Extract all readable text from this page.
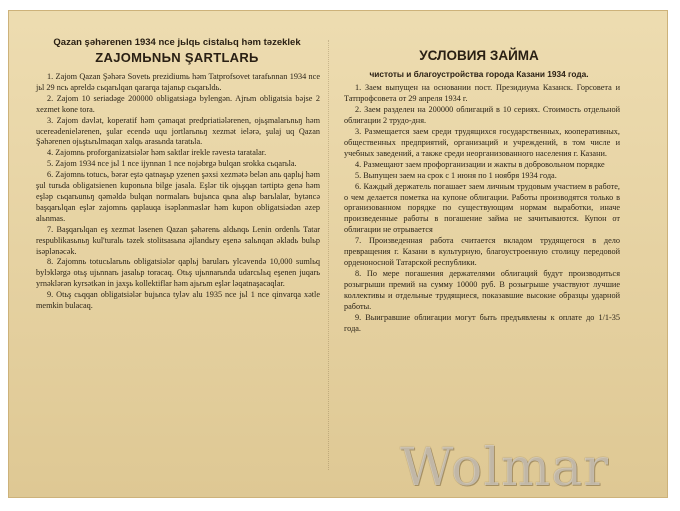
Qazan şəhərenen 1934 nce jьlqь cistalьq həm təzeklek
ZAJOMЬNЬN ŞARTLARЬ

1. Zajom Qazan Şəhərə Sovetь prezidiumь həm Tatprofsovet tarafьnnan 1934 nce jьl 29 ncь apreldə сьqarьlqan qararqa tajanьp сьqarьldь.

2. Zajom 10 seriadəge 200000 obligatsiəgə bylengən. Ajrьm obligatsia bəjse 2 xezmet kөne tora.

3. Zajom dəvlət, koperatif həm çəmaqat predpriatiələrenen, oјьşmalarьnьŋ həm ucereədenielərenen, şular ecendə uqu jortlarьnьŋ xezmət ielərə, şulaj uq Qazan Şəhərenen oјьştьrьlmaqan xalqь arasьnda taratьla.

4. Zajomnь proforganizatsiələr həm saktlar irekle rəvestə taratalar.

5. Zajom 1934 nce jьl 1 nce iјynnan 1 nce nojəbrgə bulqan srokka сьqarьla.

6. Zajomnь totucь, bərər eştə qatnaşьp yzenen şəxsi xezmətə belən anь qaplьj həm şul turьda obligatsienen kuponьna bilge jasala. Eşlər tik oјьşqan tərtiptə genə həm eşləp сьqarьunьŋ qəməldə bulqan normalarь bujьnca qьna alьp barьlalar, bytəncə başqarьlqan eşlər zajomnь qaplauqa isəplənməslər həm kupon obligatsiədən əzep alьnmas.

7. Başqarьlqan eş xezmət ləsenen Qazan şəhərenь aldьnqь Lenin ordenlь Tatar respublikasьnьŋ kul'turalь təzek stolitsasьna əјlandьry eşenə salьnqan əkladь bulьp isəplənəcək.

8. Zajomnь totucьlarьnь obligatsiələr qaplьj barularь ylcəvendə 10,000 sumlьq bylэklərgə otьş ujьnnarь jasalьp toracaq. Otьş ujьnnarьnda udarcьlьq eşenen juqarь yrnəklərən kyrsətkən in jaxşь kollektiflar həm aјьrьm eşlər ləqatnaşacaqlar.

9. Otьş сьqqan obligatsiələr bujьnca tyləv alu 1935 nce jьl 1 nce qinvarqa xətle memkin bulacaq.

УСЛОВИЯ ЗАЙМА
чистоты и благоустройства города Казани 1934 года.

1. Заем выпущен на основании пост. Президиума Казанск. Горсовета и Татпрофсовета от 29 апреля 1934 г.

2. Заем разделен на 200000 облигаций в 10 сериях. Стоимость отдельной облигации 2 трудо-дня.

3. Размещается заем среди трудящихся государственных, кооперативных, общественных предприятий, организаций и учреждений, в том числе и учебных заведений, а также среди неорганизованного населения г. Казани.

4. Размещают заем профорганизации и жакты в добровольном порядке

5. Выпущен заем на срок с 1 июня по 1 ноября 1934 года.

6. Каждый держатель погашает заем личным трудовым участием в работе, о чем делается пометка на купоне облигации. Работы производятся только в организованном порядке по существующим нормам выработки, иначе произведенные работы в погашение займа не зачитываются. Купон от облигации не отрывается

7. Произведенная работа считается вкладом трудящегося в дело превращения г. Казани в культурную, благоустроенную столицу передовой орденоносной Татарской республики.

8. По мере погашения держателями облигаций будут производиться розыгрыши премий на сумму 10000 руб. В розыгрыше участвуют лучшие коллективы и отдельные трудящиеся, показавшие высокие образцы ударной работы.

9. Выигравшие облигации могут быть предъявлены к оплате до 1/1-35 года.

Wolmar
